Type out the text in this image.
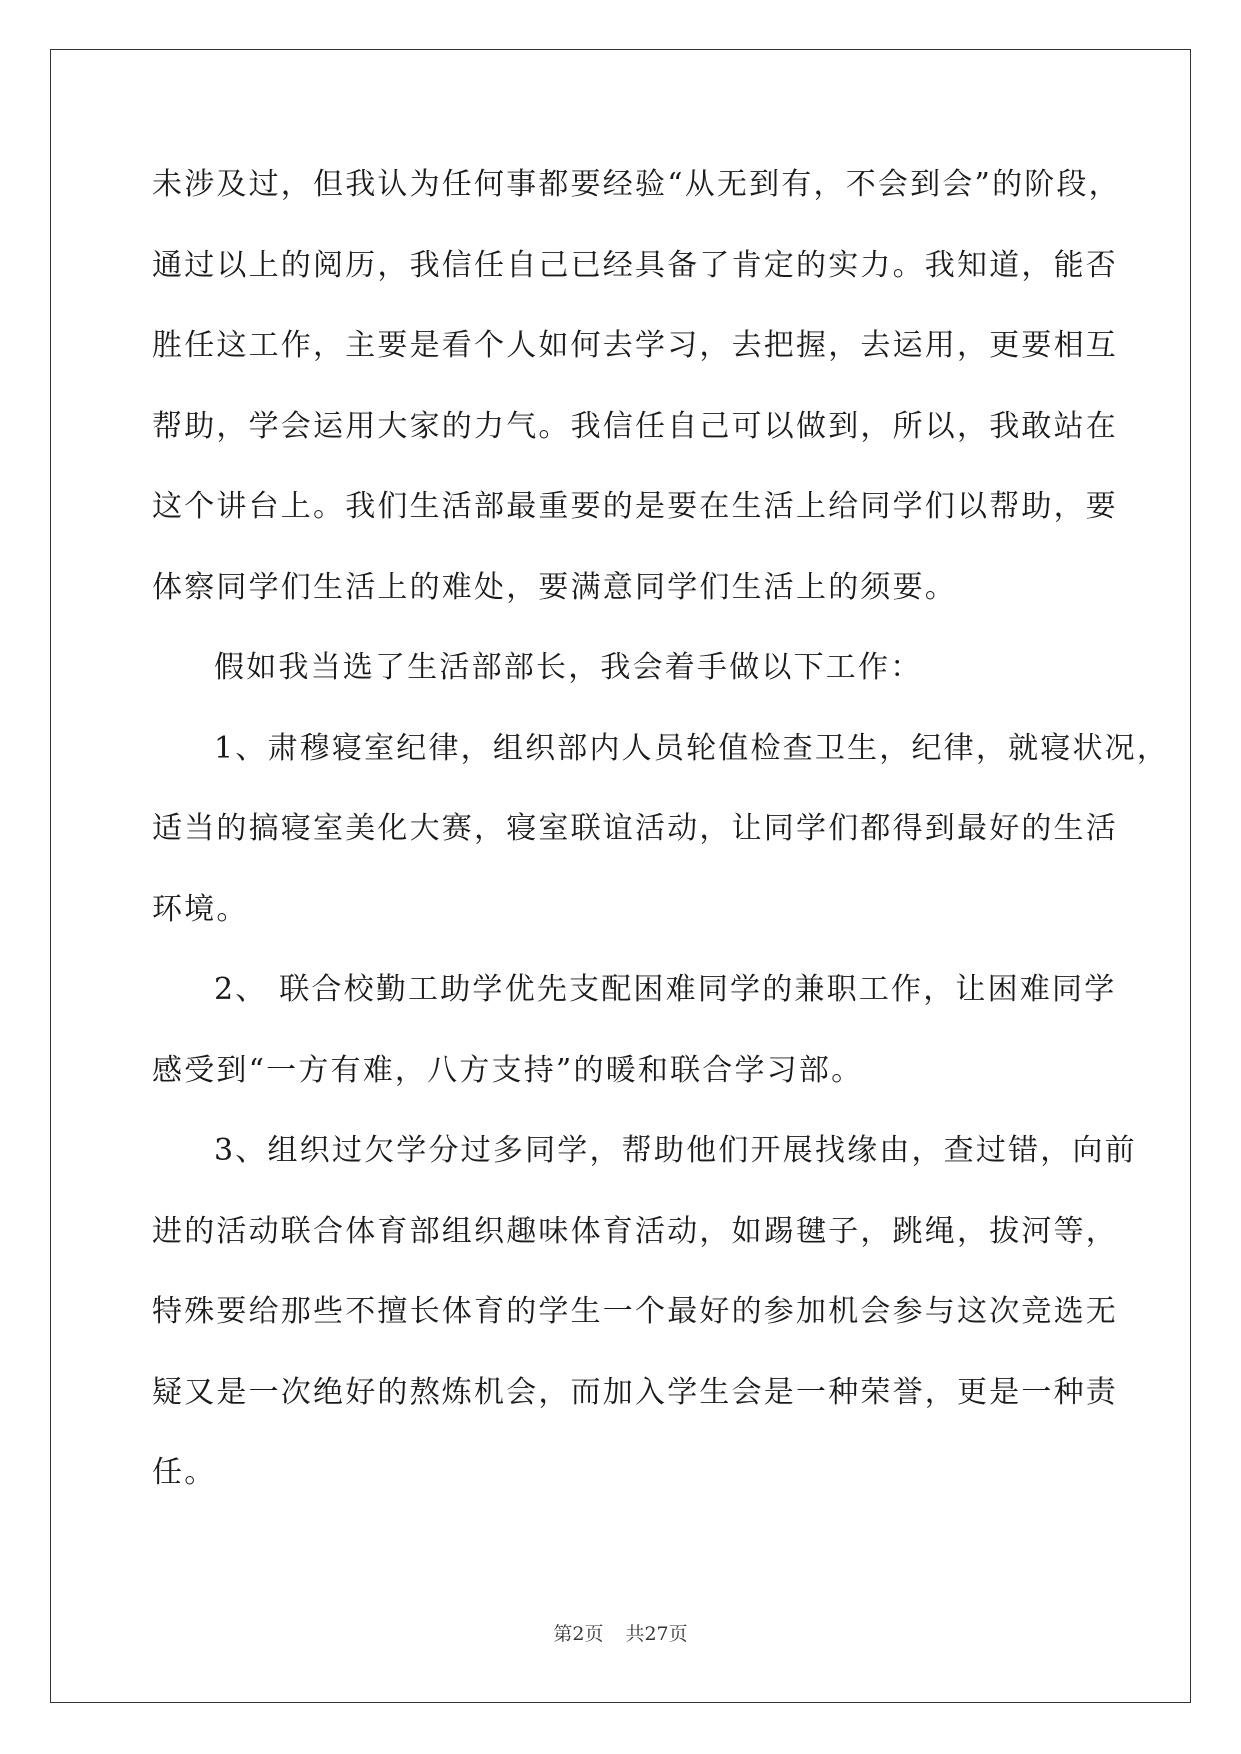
未涉及过，但我认为任何事都要经验“从无到有，不会到会”的阶段，
通过以上的阅历，我信任自己已经具备了肯定的实力。我知道，能否
胜任这工作，主要是看个人如何去学习，去把握，去运用，更要相互
帮助，学会运用大家的力气。我信任自己可以做到，所以，我敢站在
这个讲台上。我们生活部最重要的是要在生活上给同学们以帮助，要
体察同学们生活上的难处，要满意同学们生活上的须要。
假如我当选了生活部部长，我会着手做以下工作：
1、肃穆寝室纪律，组织部内人员轮值检查卫生，纪律，就寝状况，
适当的搞寝室美化大赛，寝室联谊活动，让同学们都得到最好的生活
环境。
2、 联合校勤工助学优先支配困难同学的兼职工作，让困难同学
感受到“一方有难，八方支持”的暖和联合学习部。
3、组织过欠学分过多同学，帮助他们开展找缘由，查过错，向前
进的活动联合体育部组织趣味体育活动，如踢毽子，跳绳，拔河等，
特殊要给那些不擅长体育的学生一个最好的参加机会参与这次竞选无
疑又是一次绝好的熬炼机会，而加入学生会是一种荣誉，更是一种责
任。
第2页 共27页
